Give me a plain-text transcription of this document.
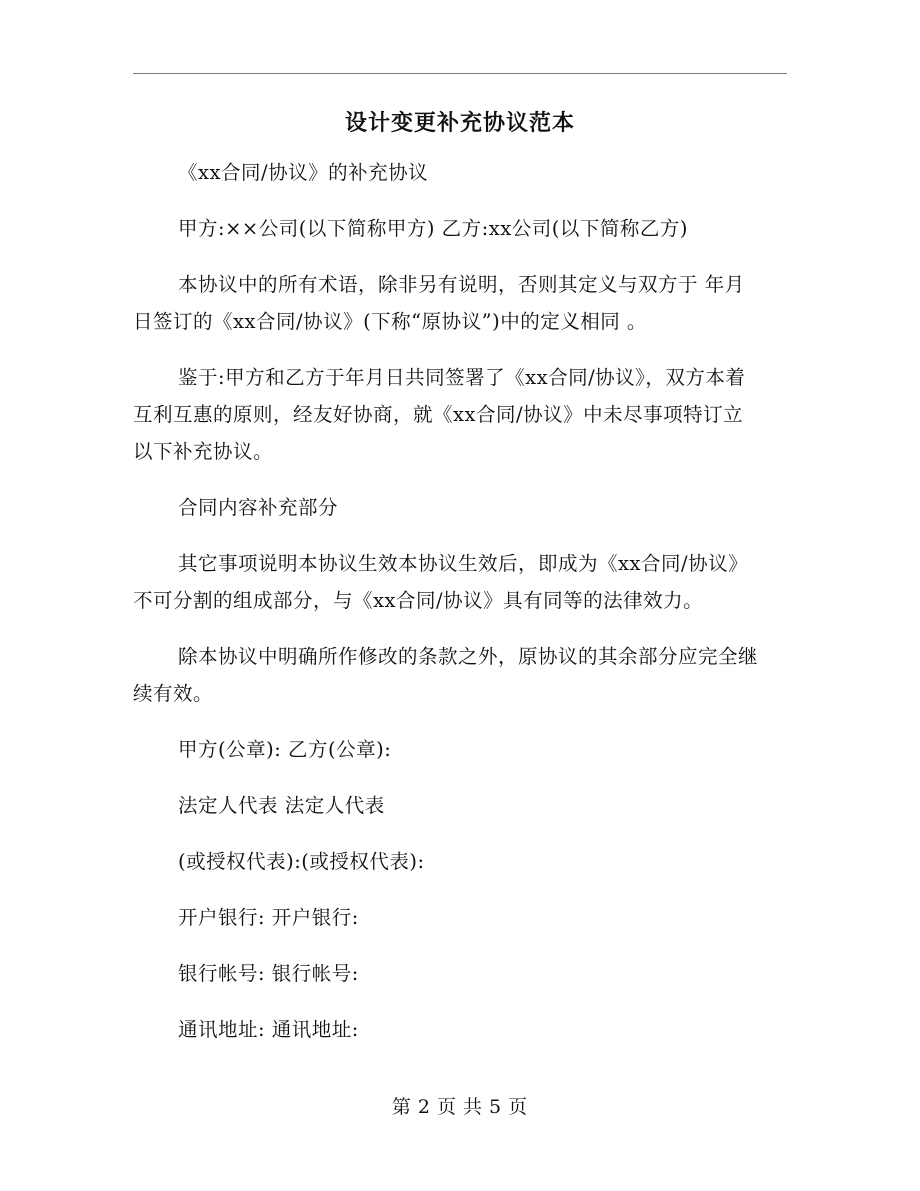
设计变更补充协议范本

《xx合同/协议》的补充协议

甲方:××公司(以下简称甲方) 乙方:xx公司(以下简称乙方)

本协议中的所有术语，除非另有说明，否则其定义与双方于 年月
日签订的《xx合同/协议》(下称“原协议”)中的定义相同 。

鉴于:甲方和乙方于年月日共同签署了《xx合同/协议》，双方本着
互利互惠的原则，经友好协商，就《xx合同/协议》中未尽事项特订立
以下补充协议。

合同内容补充部分

其它事项说明本协议生效本协议生效后，即成为《xx合同/协议》
不可分割的组成部分，与《xx合同/协议》具有同等的法律效力。

除本协议中明确所作修改的条款之外，原协议的其余部分应完全继
续有效。

甲方(公章): 乙方(公章):

法定人代表 法定人代表

(或授权代表):(或授权代表):

开户银行: 开户银行:

银行帐号: 银行帐号:

通讯地址: 通讯地址:

第 2 页 共 5 页
